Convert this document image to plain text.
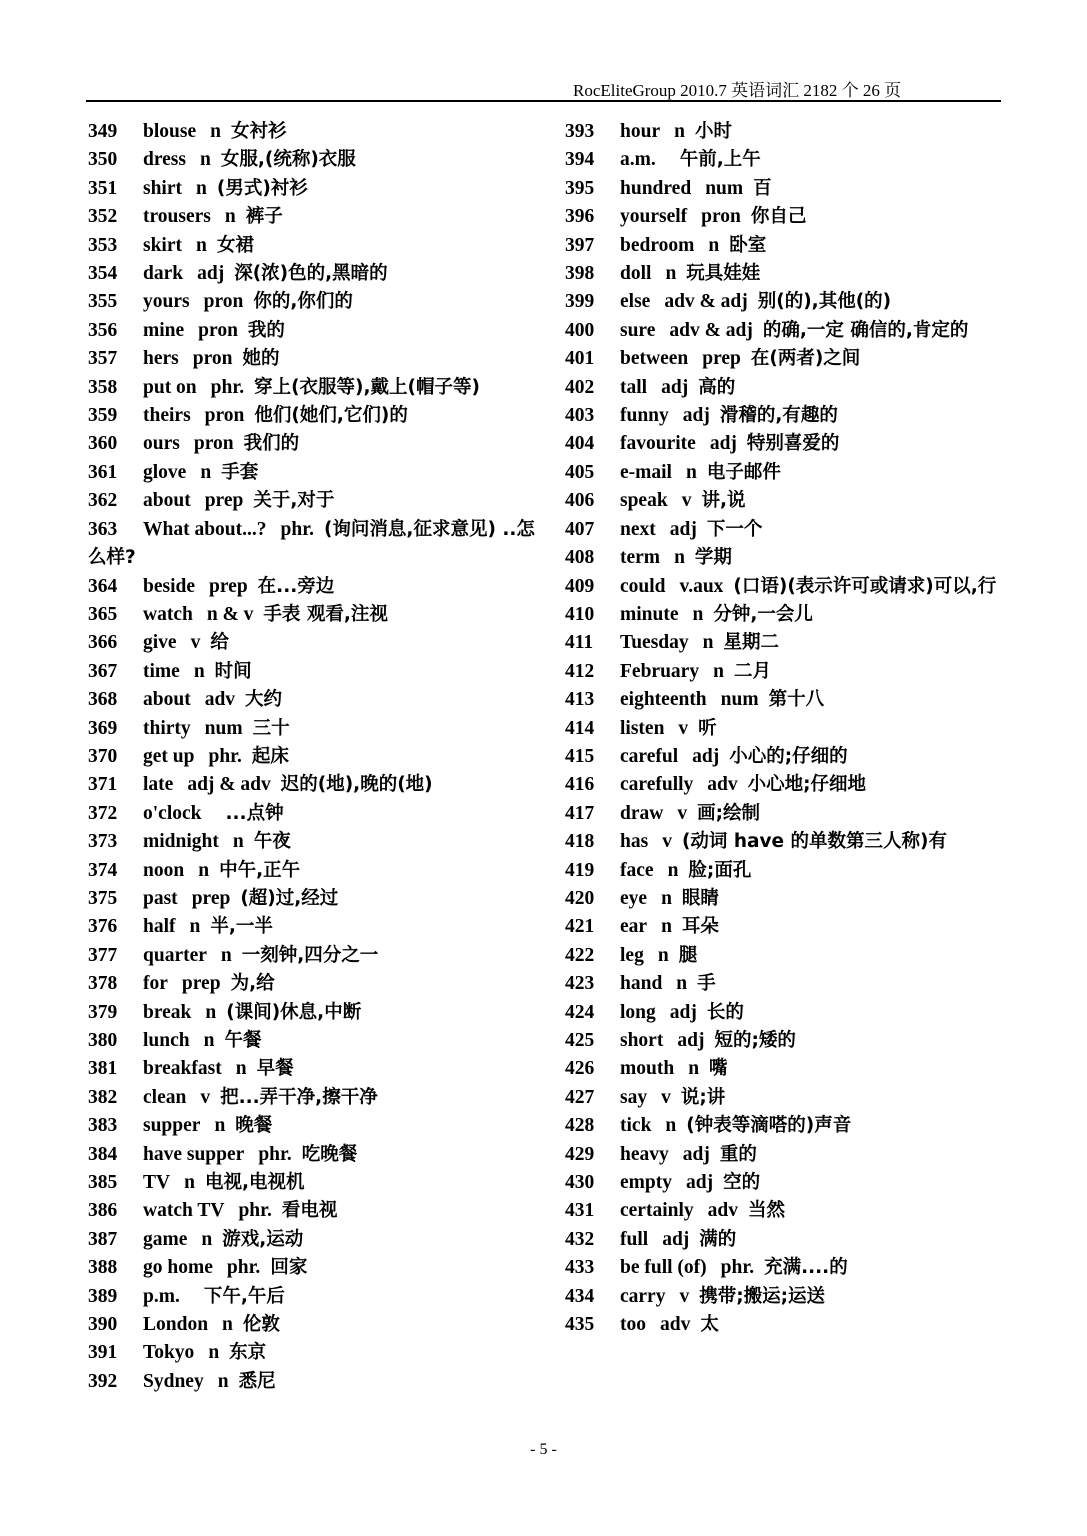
RocEliteGroup 2010.7 英语词汇 2182 个 26 页
349 blouse n 女衬衫
350 dress n 女服,(统称)衣服
351 shirt n (男式)衬衫
352 trousers n 裤子
353 skirt n 女裙
354 dark adj 深(浓)色的,黑暗的
355 yours pron 你的,你们的
356 mine pron 我的
357 hers pron 她的
358 put on phr. 穿上(衣服等),戴上(帽子等)
359 theirs pron 他们(她们,它们)的
360 ours pron 我们的
361 glove n 手套
362 about prep 关于,对于
363 What about...? phr. (询问消息,征求意见) ..怎么样?
364 beside prep 在...旁边
365 watch n & v 手表 观看,注视
366 give v 给
367 time n 时间
368 about adv 大约
369 thirty num 三十
370 get up phr. 起床
371 late adj & adv 迟的(地),晚的(地)
372 o'clock ...点钟
373 midnight n 午夜
374 noon n 中午,正午
375 past prep (超)过,经过
376 half n 半,一半
377 quarter n 一刻钟,四分之一
378 for prep 为,给
379 break n (课间)休息,中断
380 lunch n 午餐
381 breakfast n 早餐
382 clean v 把...弄干净,擦干净
383 supper n 晚餐
384 have supper phr. 吃晚餐
385 TV n 电视,电视机
386 watch TV phr. 看电视
387 game n 游戏,运动
388 go home phr. 回家
389 p.m. 下午,午后
390 London n 伦敦
391 Tokyo n 东京
392 Sydney n 悉尼
393 hour n 小时
394 a.m. 午前,上午
395 hundred num 百
396 yourself pron 你自己
397 bedroom n 卧室
398 doll n 玩具娃娃
399 else adv & adj 别(的),其他(的)
400 sure adv & adj 的确,一定 确信的,肯定的
401 between prep 在(两者)之间
402 tall adj 高的
403 funny adj 滑稽的,有趣的
404 favourite adj 特别喜爱的
405 e-mail n 电子邮件
406 speak v 讲,说
407 next adj 下一个
408 term n 学期
409 could v.aux (口语)(表示许可或请求)可以,行
410 minute n 分钟,一会儿
411 Tuesday n 星期二
412 February n 二月
413 eighteenth num 第十八
414 listen v 听
415 careful adj 小心的;仔细的
416 carefully adv 小心地;仔细地
417 draw v 画;绘制
418 has v (动词 have 的单数第三人称)有
419 face n 脸;面孔
420 eye n 眼睛
421 ear n 耳朵
422 leg n 腿
423 hand n 手
424 long adj 长的
425 short adj 短的;矮的
426 mouth n 嘴
427 say v 说;讲
428 tick n (钟表等滴嗒的)声音
429 heavy adj 重的
430 empty adj 空的
431 certainly adv 当然
432 full adj 满的
433 be full (of) phr. 充满....的
434 carry v 携带;搬运;运送
435 too adv 太
- 5 -
